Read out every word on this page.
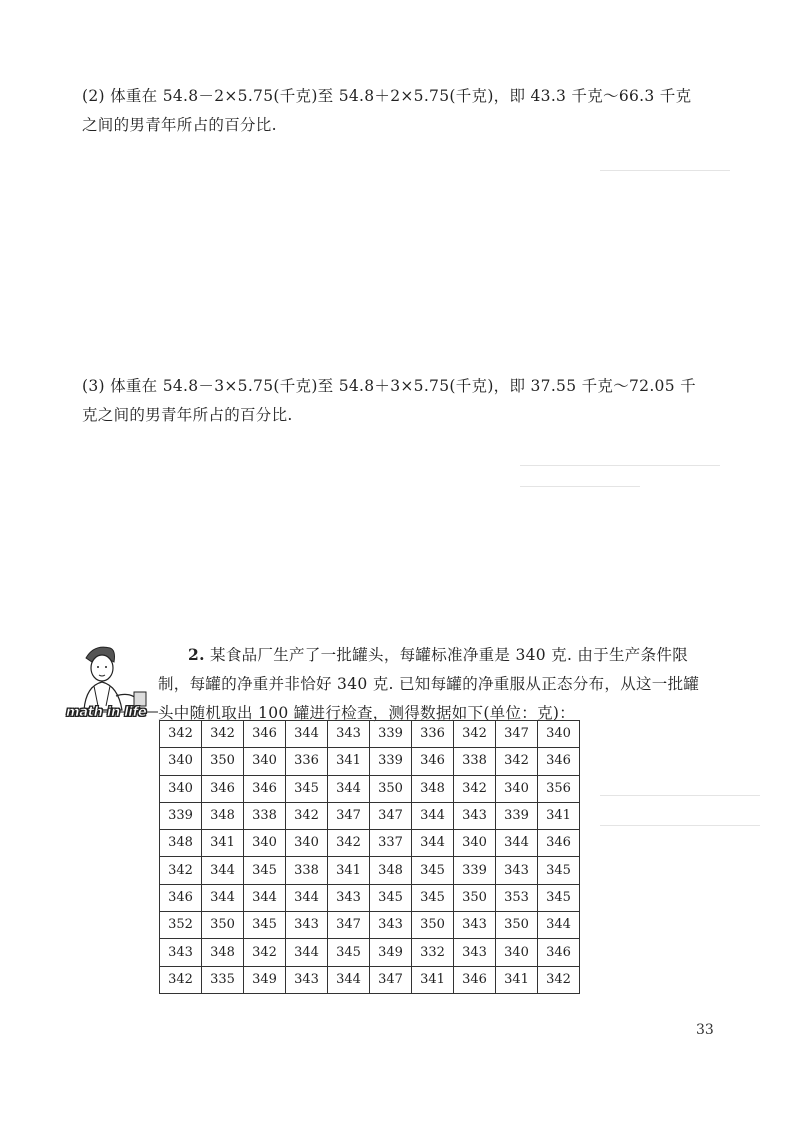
(2) 体重在 54.8－2×5.75(千克)至 54.8＋2×5.75(千克)，即 43.3 千克～66.3 千克

之间的男青年所占的百分比.

(3) 体重在 54.8－3×5.75(千克)至 54.8＋3×5.75(千克)，即 37.55 千克～72.05 千

克之间的男青年所占的百分比.

math in life

2. 某食品厂生产了一批罐头，每罐标准净重是 340 克. 由于生产条件限

制，每罐的净重并非恰好 340 克. 已知每罐的净重服从正态分布，从这一批罐

头中随机取出 100 罐进行检查，测得数据如下(单位：克)：

342	342	346	344	343	339	336	342	347	340
340	350	340	336	341	339	346	338	342	346
340	346	346	345	344	350	348	342	340	356
339	348	338	342	347	347	344	343	339	341
348	341	340	340	342	337	344	340	344	346
342	344	345	338	341	348	345	339	343	345
346	344	344	344	343	345	345	350	353	345
352	350	345	343	347	343	350	343	350	344
343	348	342	344	345	349	332	343	340	346
342	335	349	343	344	347	341	346	341	342
33
